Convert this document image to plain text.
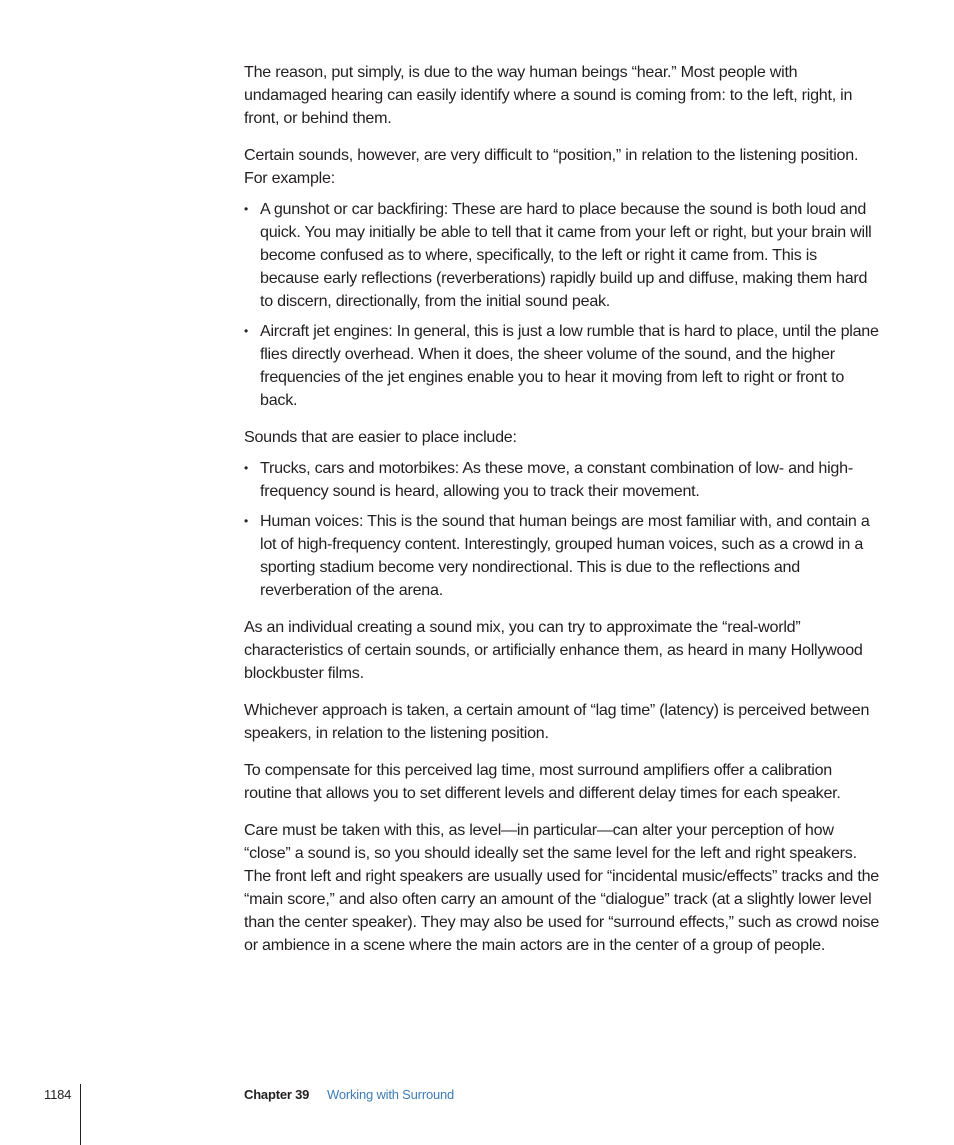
The reason, put simply, is due to the way human beings “hear.” Most people with undamaged hearing can easily identify where a sound is coming from: to the left, right, in front, or behind them.

Certain sounds, however, are very difficult to “position,” in relation to the listening position. For example:

• A gunshot or car backfiring: These are hard to place because the sound is both loud and quick. You may initially be able to tell that it came from your left or right, but your brain will become confused as to where, specifically, to the left or right it came from. This is because early reflections (reverberations) rapidly build up and diffuse, making them hard to discern, directionally, from the initial sound peak.
• Aircraft jet engines: In general, this is just a low rumble that is hard to place, until the plane flies directly overhead. When it does, the sheer volume of the sound, and the higher frequencies of the jet engines enable you to hear it moving from left to right or front to back.

Sounds that are easier to place include:

• Trucks, cars and motorbikes: As these move, a constant combination of low- and high-frequency sound is heard, allowing you to track their movement.
• Human voices: This is the sound that human beings are most familiar with, and contain a lot of high-frequency content. Interestingly, grouped human voices, such as a crowd in a sporting stadium become very nondirectional. This is due to the reflections and reverberation of the arena.

As an individual creating a sound mix, you can try to approximate the “real-world” characteristics of certain sounds, or artificially enhance them, as heard in many Hollywood blockbuster films.

Whichever approach is taken, a certain amount of “lag time” (latency) is perceived between speakers, in relation to the listening position.

To compensate for this perceived lag time, most surround amplifiers offer a calibration routine that allows you to set different levels and different delay times for each speaker.

Care must be taken with this, as level—in particular—can alter your perception of how “close” a sound is, so you should ideally set the same level for the left and right speakers. The front left and right speakers are usually used for “incidental music/effects” tracks and the “main score,” and also often carry an amount of the “dialogue” track (at a slightly lower level than the center speaker). They may also be used for “surround effects,” such as crowd noise or ambience in a scene where the main actors are in the center of a group of people.

1184	Chapter 39 Working with Surround
